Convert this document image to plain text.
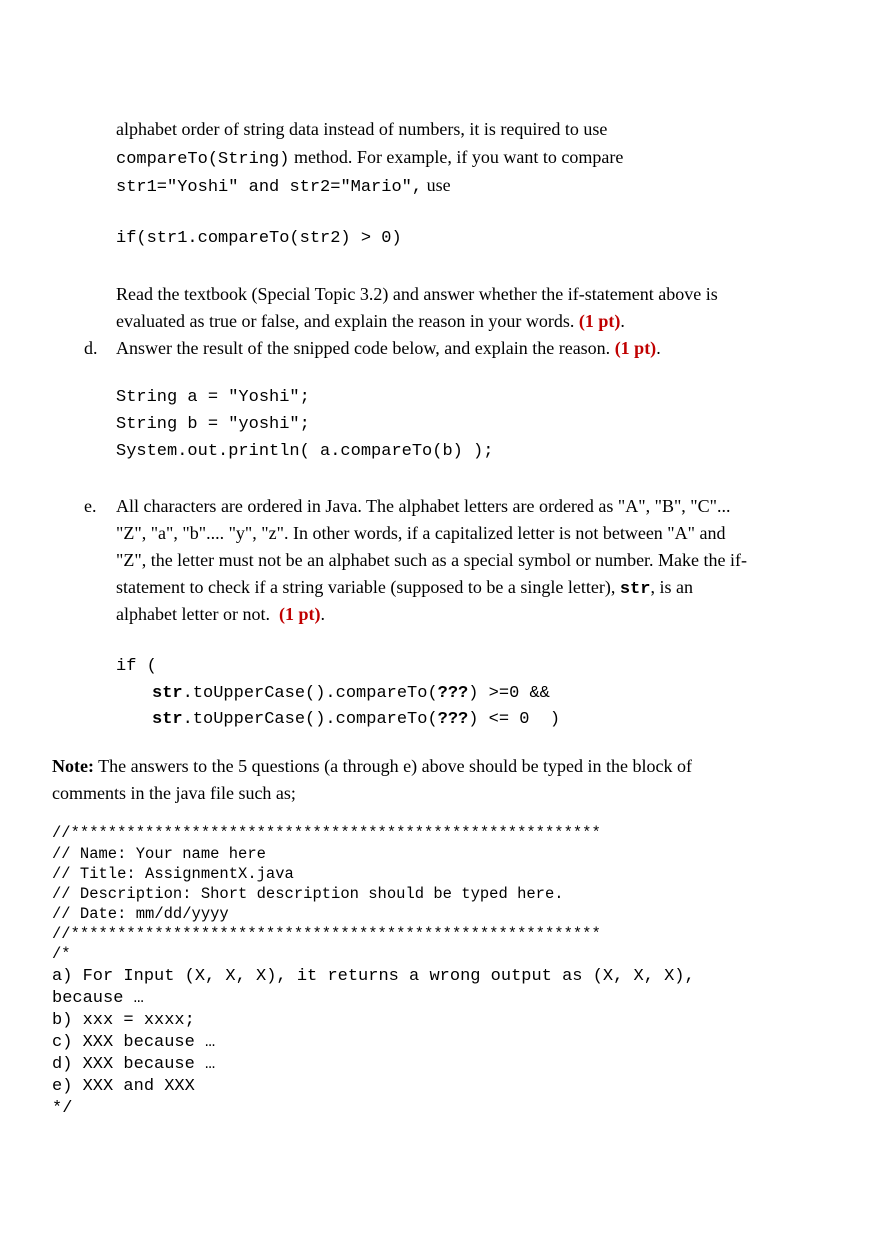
alphabet order of string data instead of numbers, it is required to use

compareTo(String) method. For example, if you want to compare

str1="Yoshi" and str2="Mario", use

if(str1.compareTo(str2) > 0)

Read the textbook (Special Topic 3.2) and answer whether the if-statement above is

evaluated as true or false, and explain the reason in your words. (1 pt).

d. Answer the result of the snipped code below, and explain the reason. (1 pt).

String a = "Yoshi";

String b = "yoshi";

System.out.println( a.compareTo(b) );

e. All characters are ordered in Java. The alphabet letters are ordered as "A", "B", "C"...

"Z", "a", "b".... "y", "z". In other words, if a capitalized letter is not between "A" and

"Z", the letter must not be an alphabet such as a special symbol or number. Make the if-

statement to check if a string variable (supposed to be a single letter), str, is an

alphabet letter or not. (1 pt).

if (

str.toUpperCase().compareTo(???) >=0 &&

str.toUpperCase().compareTo(???) <= 0  )

Note: The answers to the 5 questions (a through e) above should be typed in the block of

comments in the java file such as;

//*********************************************************

// Name: Your name here

// Title: AssignmentX.java

// Description: Short description should be typed here.

// Date: mm/dd/yyyy

//*********************************************************

/*

a) For Input (X, X, X), it returns a wrong output as (X, X, X),

because …

b) xxx = xxxx;

c) XXX because …

d) XXX because …

e) XXX and XXX

*/
